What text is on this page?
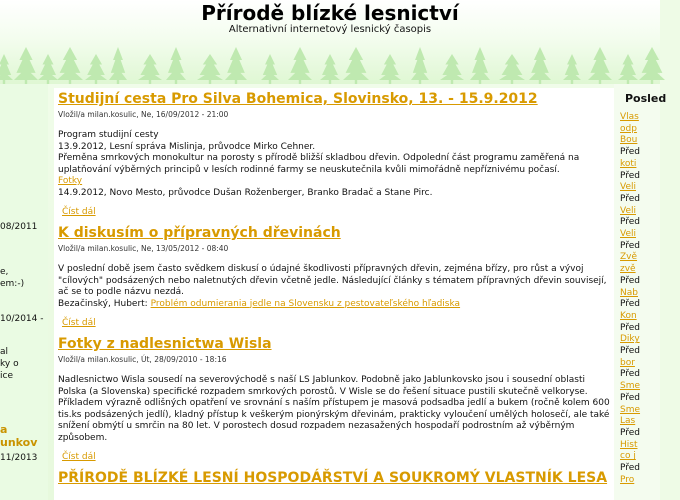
Přírodě blízké lesnictví
Alternativní internetový lesnický časopis
08/2011
e,
em:-)
10/2014 -
al
ky o
ice
a
unkov
11/2013
Studijní cesta Pro Silva Bohemica, Slovinsko, 13. - 15.9.2012
Vložil/a milan.kosulic, Ne, 16/09/2012 - 21:00

Program studijní cesty

13.9.2012, Lesní správa Mislinja, průvodce Mirko Cehner.

Přeměna smrkových monokultur na porosty s přírodě bližší skladbou dřevin. Odpolední část programu zaměřená na uplatňování výběrných principů v lesích rodinné farmy se neuskutečnila kvůli mimořádně nepříznivému počasí.

Fotky

14.9.2012, Novo Mesto, průvodce Dušan Roženberger, Branko Bradač a Stane Pirc.

Číst dál
K diskusím o přípravných dřevinách
Vložil/a milan.kosulic, Ne, 13/05/2012 - 08:40

V poslední době jsem často svědkem diskusí o údajné škodlivosti přípravných dřevin, zejména břízy, pro růst a vývoj "cílových" podsázených nebo naletnutých dřevin včetně jedle. Následující články s tématem přípravných dřevin souvisejí, ač se to podle názvu nezdá.

Bezačinský, Hubert: Problém odumierania jedle na Slovensku z pestovateľského hľadiska

Číst dál
Fotky z nadlesnictwa Wisla
Vložil/a milan.kosulic, Út, 28/09/2010 - 18:16

Nadlesnictwo Wisla sousedí na severovýchodě s naší LS Jablunkov. Podobně jako Jablunkovsko jsou i sousední oblasti Polska (a Slovenska) specifické rozpadem smrkových porostů. V Wisle se do řešení situace pustili skutečně velkoryse. Příkladem výrazně odlišných opatření ve srovnání s naším přístupem je masová podsadba jedlí a bukem (ročně kolem 600 tis.ks podsázených jedlí), kladný přístup k veškerým pionýrským dřevinám, prakticky vyloučení umělých holosečí, ale také snížení obmýtí u smrčin na 80 let. V porostech dosud rozpadem nezasažených hospodaří podrostním až výběrným způsobem.

Číst dál
PŘÍRODĚ BLÍZKÉ LESNÍ HOSPODÁŘSTVÍ A SOUKROMÝ VLASTNÍK LESA
Posled
Vlas
odp
Bou
Před
koti
Před
Veli
Před
Veli
Před
Veli
Před
Zvě
zvě
Před
Nab
Před
Kon
Před
Diky
Před
bor
Před
Sme
Před
Sme
Las
Před
Hist
co j
Před
Pro
